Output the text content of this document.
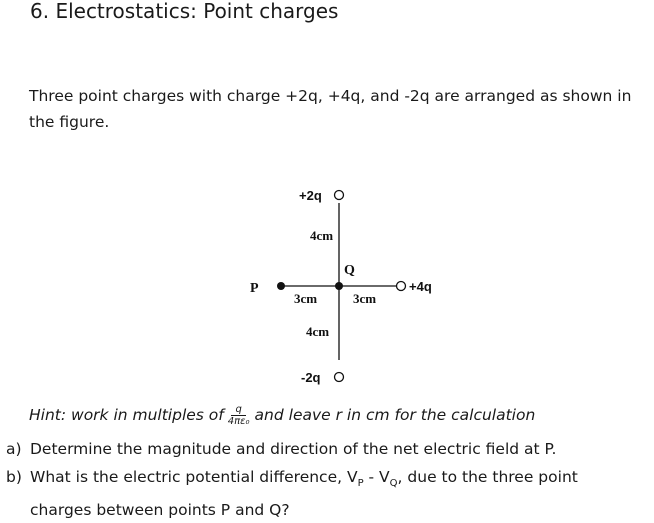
6. Electrostatics: Point charges
Three point charges with charge +2q, +4q, and -2q are arranged as shown in the figure.
+2q
+4q
-2q
P
Q
4cm
4cm
3cm	3cm
Hint: work in multiples of $\frac{q}{\text{4πε₀}}$ and leave r in cm for the calculation
a) Determine the magnitude and direction of the net electric field at P.
b) What is the electric potential difference, $V_P - V_Q$, due to the three point charges between points P and Q?
